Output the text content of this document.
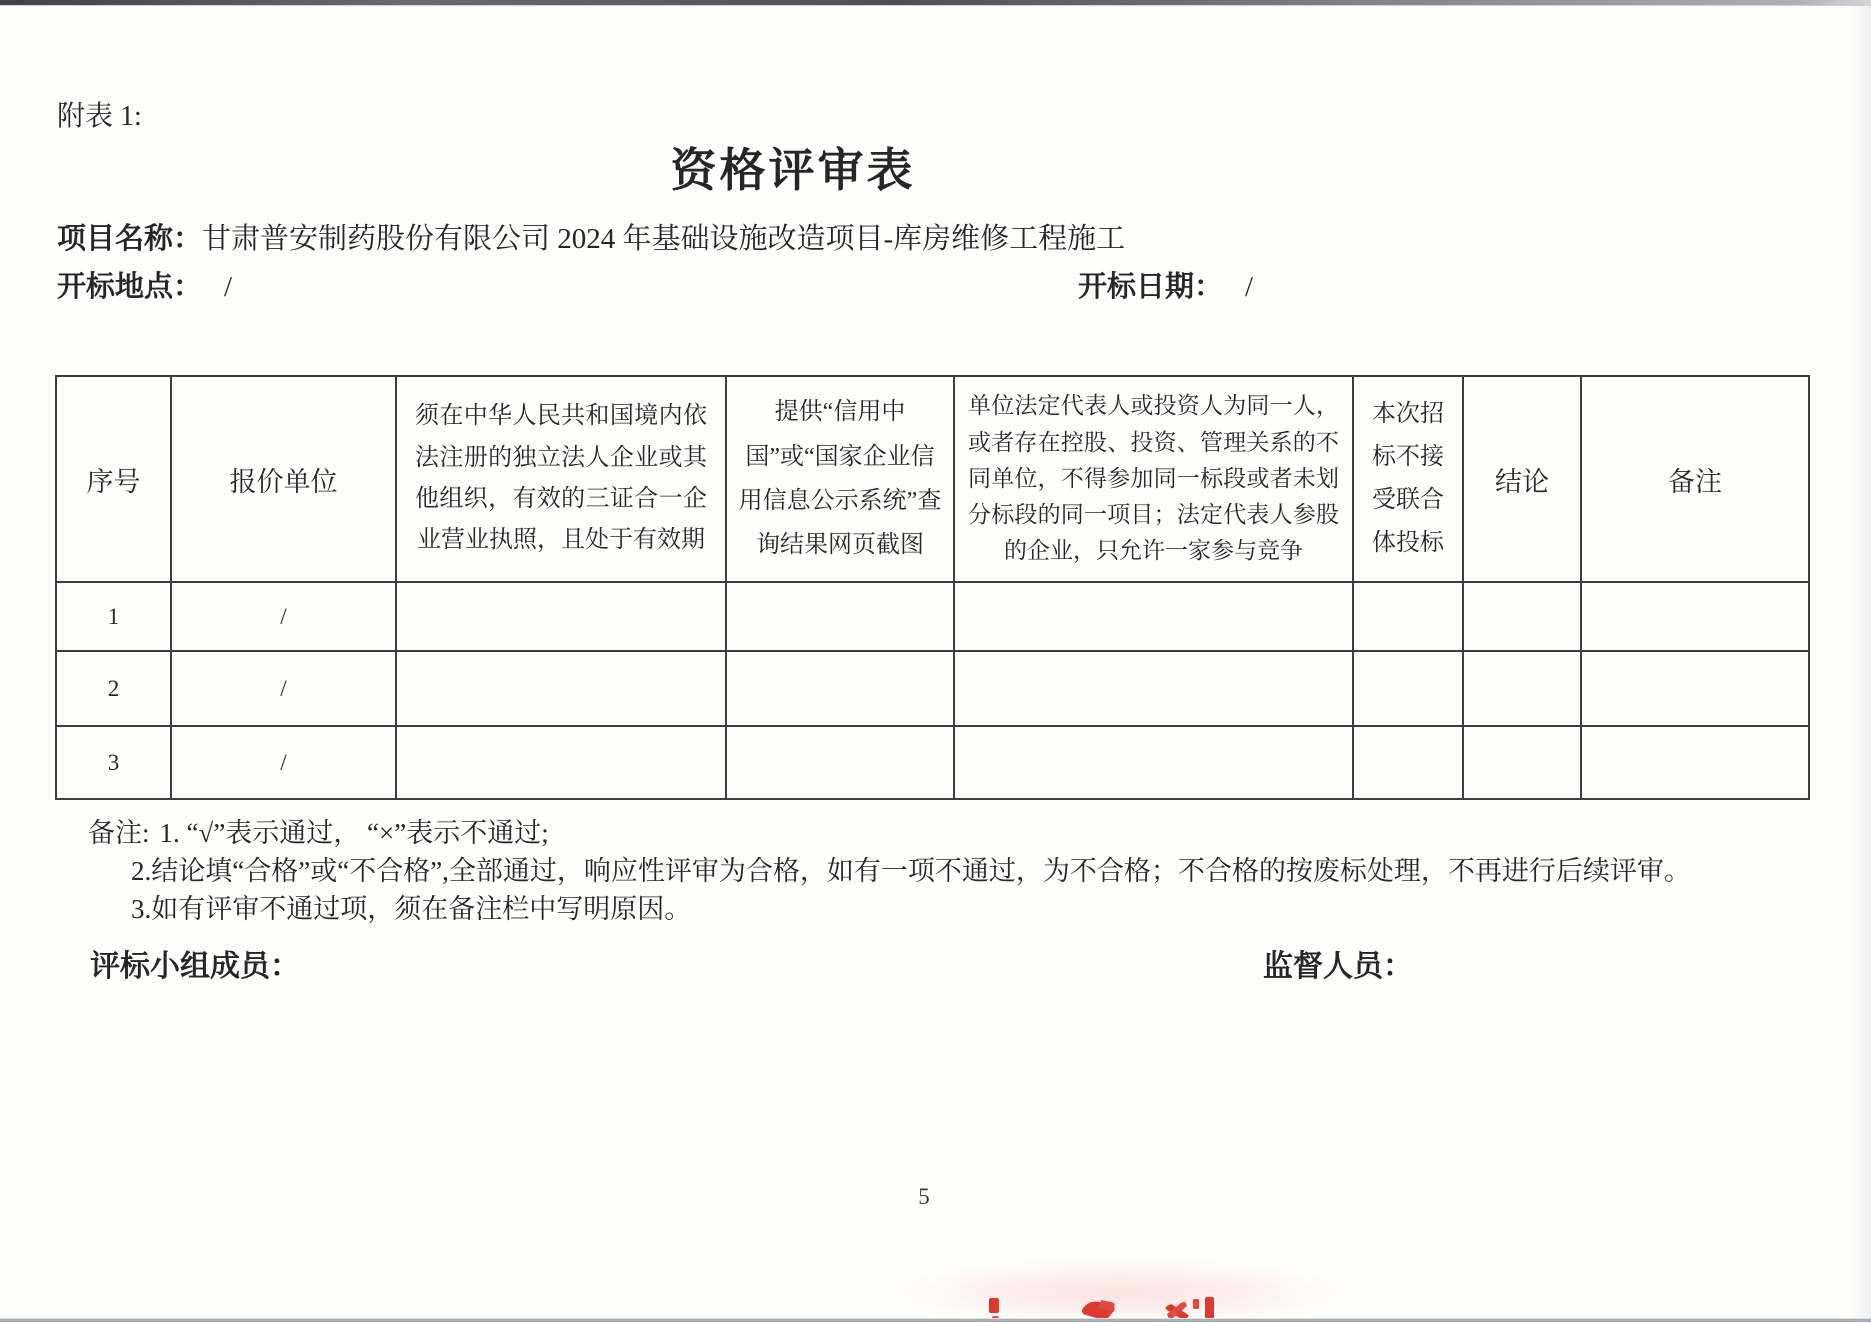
附表 1:
资格评审表
项目名称：甘肃普安制药股份有限公司 2024 年基础设施改造项目-库房维修工程施工
开标地点： /	开标日期： /
序号	报价单位	须在中华人民共和国境内依法注册的独立法人企业或其他组织，有效的三证合一企业营业执照，且处于有效期	提供“信用中国”或“国家企业信用信息公示系统”查询结果网页截图	单位法定代表人或投资人为同一人，或者存在控股、投资、管理关系的不同单位，不得参加同一标段或者未划分标段的同一项目；法定代表人参股的企业，只允许一家参与竞争	本次招标不接受联合体投标	结论	备注
1	/						
2	/						
3	/						
备注: 1. “√”表示通过， “×”表示不通过;
2.结论填“合格”或“不合格”,全部通过，响应性评审为合格，如有一项不通过，为不合格；不合格的按废标处理，不再进行后续评审。
3.如有评审不通过项，须在备注栏中写明原因。
评标小组成员：	监督人员：
5
